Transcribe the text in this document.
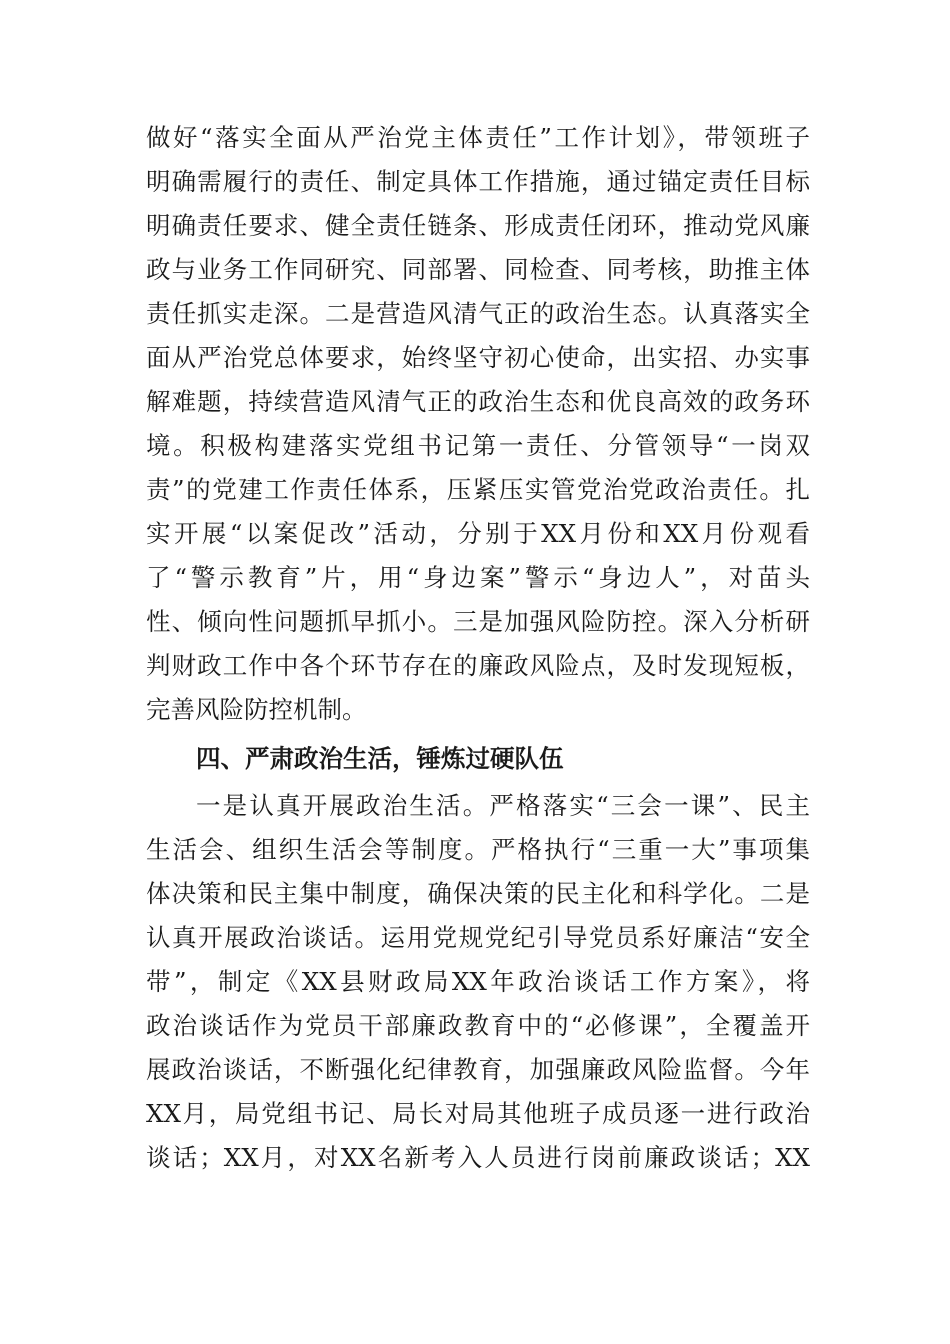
做好“落实全面从严治党主体责任”工作计划》，带领班子
明确需履行的责任、制定具体工作措施，通过锚定责任目标
明确责任要求、健全责任链条、形成责任闭环，推动党风廉
政与业务工作同研究、同部署、同检查、同考核，助推主体
责任抓实走深。二是营造风清气正的政治生态。认真落实全
面从严治党总体要求，始终坚守初心使命，出实招、办实事
解难题，持续营造风清气正的政治生态和优良高效的政务环
境。积极构建落实党组书记第一责任、分管领导“一岗双
责”的党建工作责任体系，压紧压实管党治党政治责任。扎
实开展“以案促改”活动，分别于XX月份和XX月份观看
了“警示教育”片，用“身边案”警示“身边人”，对苗头
性、倾向性问题抓早抓小。三是加强风险防控。深入分析研
判财政工作中各个环节存在的廉政风险点，及时发现短板，
完善风险防控机制。
四、严肃政治生活，锤炼过硬队伍
一是认真开展政治生活。严格落实“三会一课”、民主
生活会、组织生活会等制度。严格执行“三重一大”事项集
体决策和民主集中制度，确保决策的民主化和科学化。二是
认真开展政治谈话。运用党规党纪引导党员系好廉洁“安全
带”，制定《XX县财政局XX年政治谈话工作方案》，将
政治谈话作为党员干部廉政教育中的“必修课”，全覆盖开
展政治谈话，不断强化纪律教育，加强廉政风险监督。今年
XX月，局党组书记、局长对局其他班子成员逐一进行政治
谈话；XX月，对XX名新考入人员进行岗前廉政谈话；XX
